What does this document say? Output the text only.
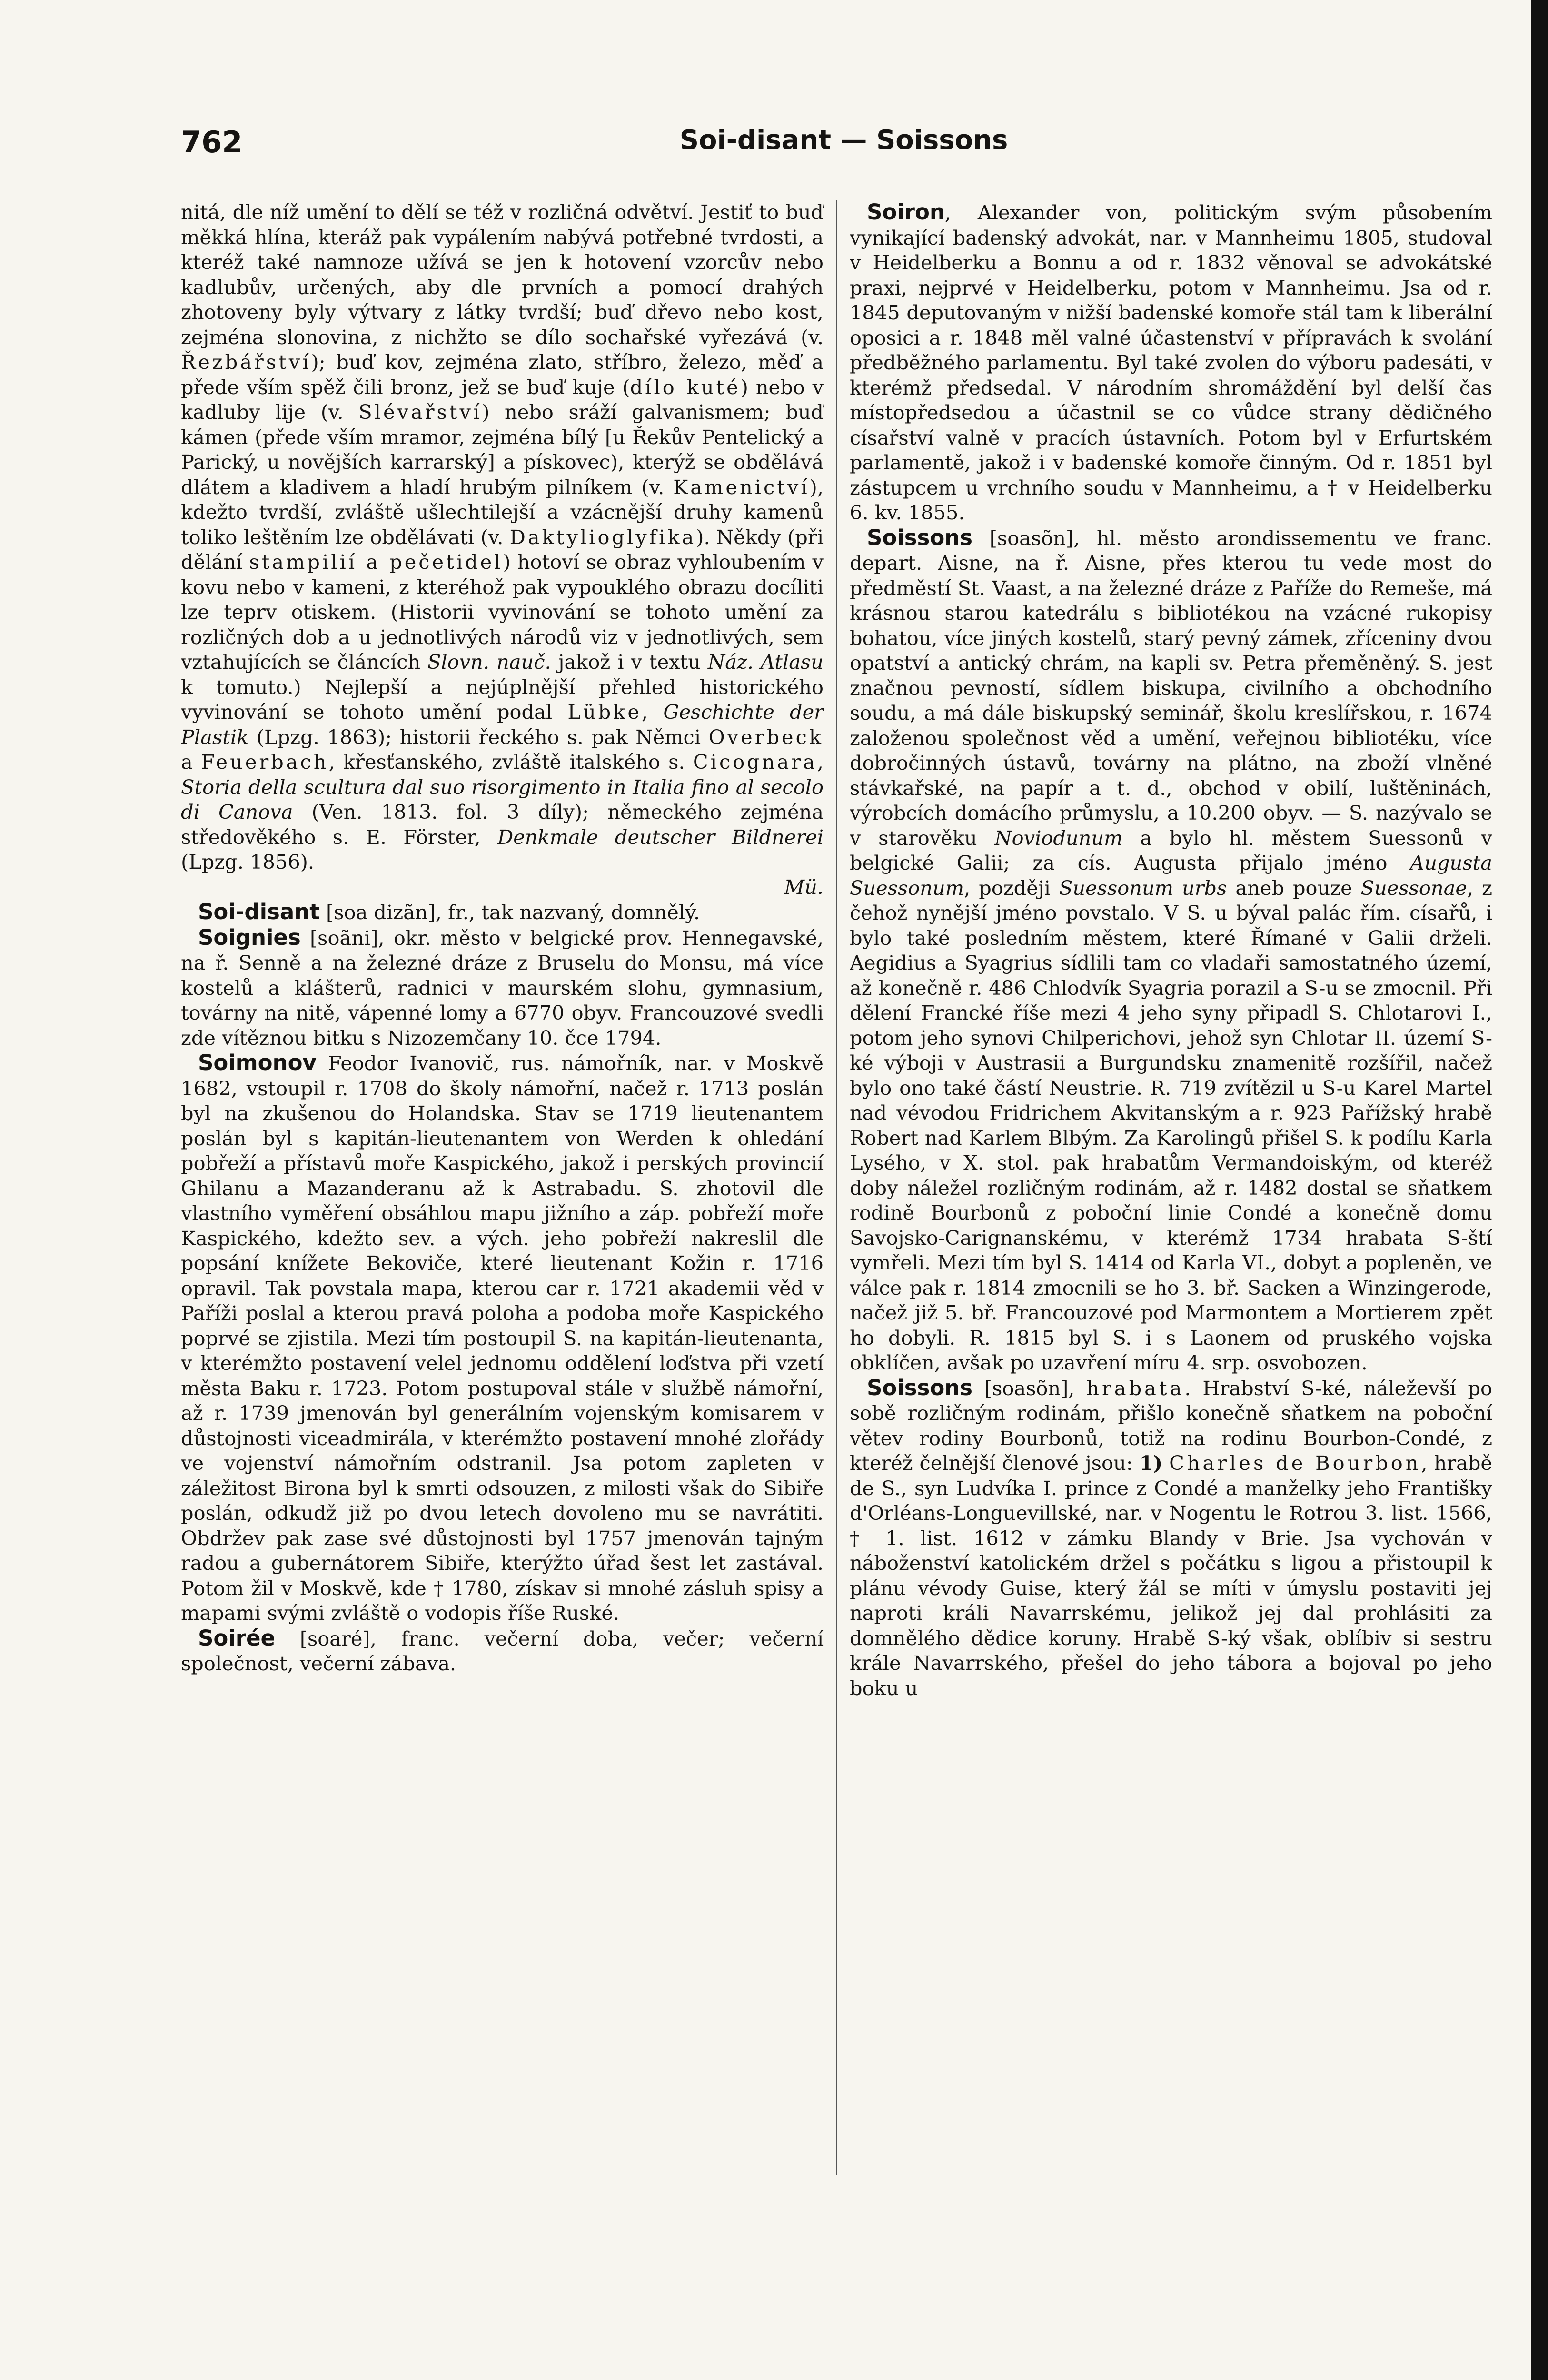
762	Soi-disant — Soissons

nitá, dle níž umění to dělí se též v rozličná odvětví. Jestiť to buď měkká hlína, kteráž pak vypálením nabývá potřebné tvrdosti, a kteréž také namnoze užívá se jen k hotovení vzorcův nebo kadlubův, určených, aby dle prvních a pomocí drahých zhotoveny byly výtvary z látky tvrdší; buď dřevo nebo kost, zejména slonovina, z nichžto se dílo sochařské vyřezává (v. Řezbářství); buď kov, zejména zlato, stříbro, železo, měď a přede vším spěž čili bronz, jež se buď kuje (dílo kuté) nebo v kadluby lije (v. Slévařství) nebo sráží galvanismem; buď kámen (přede vším mramor, zejména bílý [u Řekův Pentelický a Parický, u novějších karrarský] a pískovec), kterýž se obdělává dlátem a kladivem a hladí hrubým pilníkem (v. Kamenictví), kdežto tvrdší, zvláště ušlechtilejší a vzácnější druhy kamenů toliko leštěním lze obdělávati (v. Daktylioglyfika). Někdy (při dělání stampilií a pečetidel) hotoví se obraz vyhloubením v kovu nebo v kameni, z kteréhož pak vypouklého obrazu docíliti lze teprv otiskem. (Historii vyvinování se tohoto umění za rozličných dob a u jednotlivých národů viz v jednotlivých, sem vztahujících se článcích Slovn. nauč. jakož i v textu Náz. Atlasu k tomuto.) Nejlepší a nejúplnější přehled historického vyvinování se tohoto umění podal Lübke, Geschichte der Plastik (Lpzg. 1863); historii řeckého s. pak Němci Overbeck a Feuerbach, křesťanského, zvláště italského s. Cicognara, Storia della scultura dal suo risorgimento in Italia fino al secolo di Canova (Ven. 1813. fol. 3 díly); německého zejména středověkého s. E. Förster, Denkmale deutscher Bildnerei (Lpzg. 1856).

Mü.

Soi-disant [soa dizãn], fr., tak nazvaný, domnělý.

Soignies [soãni], okr. město v belgické prov. Hennegavské, na ř. Senně a na železné dráze z Bruselu do Monsu, má více kostelů a klášterů, radnici v maurském slohu, gymnasium, továrny na nitě, vápenné lomy a 6770 obyv. Francouzové svedli zde vítěznou bitku s Nizozemčany 10. čce 1794.

Soimonov Feodor Ivanovič, rus. námořník, nar. v Moskvě 1682, vstoupil r. 1708 do školy námořní, načež r. 1713 poslán byl na zkušenou do Holandska. Stav se 1719 lieutenantem poslán byl s kapitán-lieutenantem von Werden k ohledání pobřeží a přístavů moře Kaspického, jakož i perských provincií Ghilanu a Mazanderanu až k Astrabadu. S. zhotovil dle vlastního vyměření obsáhlou mapu jižního a záp. pobřeží moře Kaspického, kdežto sev. a vých. jeho pobřeží nakreslil dle popsání knížete Bekoviče, které lieutenant Kožin r. 1716 opravil. Tak povstala mapa, kterou car r. 1721 akademii věd v Paříži poslal a kterou pravá poloha a podoba moře Kaspického poprvé se zjistila. Mezi tím postoupil S. na kapitán-lieutenanta, v kterémžto postavení velel jednomu oddělení loďstva při vzetí města Baku r. 1723. Potom postupoval stále v službě námořní, až r. 1739 jmenován byl generálním vojenským komisarem v důstojnosti viceadmirála, v kterémžto postavení mnohé zlořády ve vojenství námořním odstranil. Jsa potom zapleten v záležitost Birona byl k smrti odsouzen, z milosti však do Sibiře poslán, odkudž již po dvou letech dovoleno mu se navrátiti. Obdržev pak zase své důstojnosti byl 1757 jmenován tajným radou a gubernátorem Sibiře, kterýžto úřad šest let zastával. Potom žil v Moskvě, kde † 1780, získav si mnohé zásluh spisy a mapami svými zvláště o vodopis říše Ruské.

Soirée [soaré], franc. večerní doba, večer; večerní společnost, večerní zábava.

Soiron, Alexander von, politickým svým působením vynikající badenský advokát, nar. v Mannheimu 1805, studoval v Heidelberku a Bonnu a od r. 1832 věnoval se advokátské praxi, nejprvé v Heidelberku, potom v Mannheimu. Jsa od r. 1845 deputovaným v nižší badenské komoře stál tam k liberální oposici a r. 1848 měl valné účastenství v přípravách k svolání předběžného parlamentu. Byl také zvolen do výboru padesáti, v kterémž předsedal. V národním shromáždění byl delší čas místopředsedou a účastnil se co vůdce strany dědičného císařství valně v pracích ústavních. Potom byl v Erfurtském parlamentě, jakož i v badenské komoře činným. Od r. 1851 byl zástupcem u vrchního soudu v Mannheimu, a † v Heidelberku 6. kv. 1855.

Soissons [soasõn], hl. město arondissementu ve franc. depart. Aisne, na ř. Aisne, přes kterou tu vede most do předměstí St. Vaast, a na železné dráze z Paříže do Remeše, má krásnou starou katedrálu s bibliotékou na vzácné rukopisy bohatou, více jiných kostelů, starý pevný zámek, zříceniny dvou opatství a antický chrám, na kapli sv. Petra přeměněný. S. jest značnou pevností, sídlem biskupa, civilního a obchodního soudu, a má dále biskupský seminář, školu kreslířskou, r. 1674 založenou společnost věd a umění, veřejnou bibliotéku, více dobročinných ústavů, továrny na plátno, na zboží vlněné stávkařské, na papír a t. d., obchod v obilí, luštěninách, výrobcích domácího průmyslu, a 10.200 obyv. — S. nazývalo se v starověku Noviodunum a bylo hl. městem Suessonů v belgické Galii; za cís. Augusta přijalo jméno Augusta Suessonum, později Suessonum urbs aneb pouze Suessonae, z čehož nynější jméno povstalo. V S. u býval palác řím. císařů, i bylo také posledním městem, které Římané v Galii drželi. Aegidius a Syagrius sídlili tam co vladaři samostatného území, až konečně r. 486 Chlodvík Syagria porazil a S-u se zmocnil. Při dělení Francké říše mezi 4 jeho syny připadl S. Chlotarovi I., potom jeho synovi Chilperichovi, jehož syn Chlotar II. území S-ké výboji v Austrasii a Burgundsku znamenitě rozšířil, načež bylo ono také částí Neustrie. R. 719 zvítězil u S-u Karel Martel nad vévodou Fridrichem Akvitanským a r. 923 Pařížský hrabě Robert nad Karlem Blbým. Za Karolingů přišel S. k podílu Karla Lysého, v X. stol. pak hrabatům Vermandoiským, od kteréž doby náležel rozličným rodinám, až r. 1482 dostal se sňatkem rodině Bourbonů z poboční linie Condé a konečně domu Savojsko-Carignanskému, v kterémž 1734 hrabata S-ští vymřeli. Mezi tím byl S. 1414 od Karla VI., dobyt a popleněn, ve válce pak r. 1814 zmocnili se ho 3. bř. Sacken a Winzingerode, načež již 5. bř. Francouzové pod Marmontem a Mortierem zpět ho dobyli. R. 1815 byl S. i s Laonem od pruského vojska obklíčen, avšak po uzavření míru 4. srp. osvobozen.

Soissons [soasõn], hrabata. Hrabství S-ké, náleževší po sobě rozličným rodinám, přišlo konečně sňatkem na poboční větev rodiny Bourbonů, totiž na rodinu Bourbon-Condé, z kteréž čelnější členové jsou: 1) Charles de Bourbon, hrabě de S., syn Ludvíka I. prince z Condé a manželky jeho Františky d'Orléans-Longuevillské, nar. v Nogentu le Rotrou 3. list. 1566, † 1. list. 1612 v zámku Blandy v Brie. Jsa vychován v náboženství katolickém držel s počátku s ligou a přistoupil k plánu vévody Guise, který žál se míti v úmyslu postaviti jej naproti králi Navarrskému, jelikož jej dal prohlásiti za domnělého dědice koruny. Hrabě S-ký však, oblíbiv si sestru krále Navarrského, přešel do jeho tábora a bojoval po jeho boku u
